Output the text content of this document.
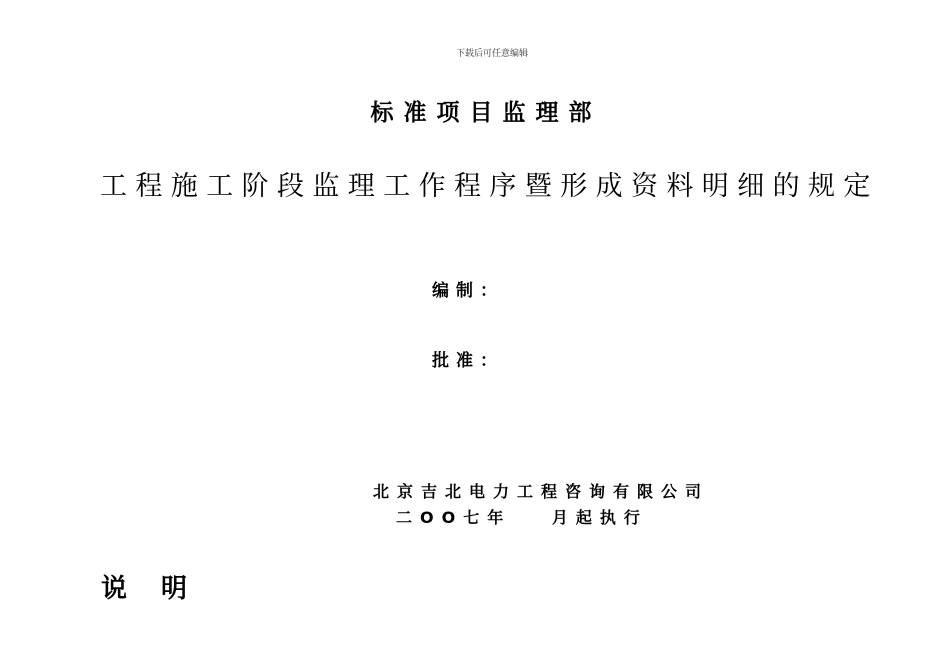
下载后可任意编辑
标准项目监理部
工程施工阶段监理工作程序暨形成资料明细的规定
编制：
批准：
北京吉北电力工程咨询有限公司
二OO七年   月起执行
说明
